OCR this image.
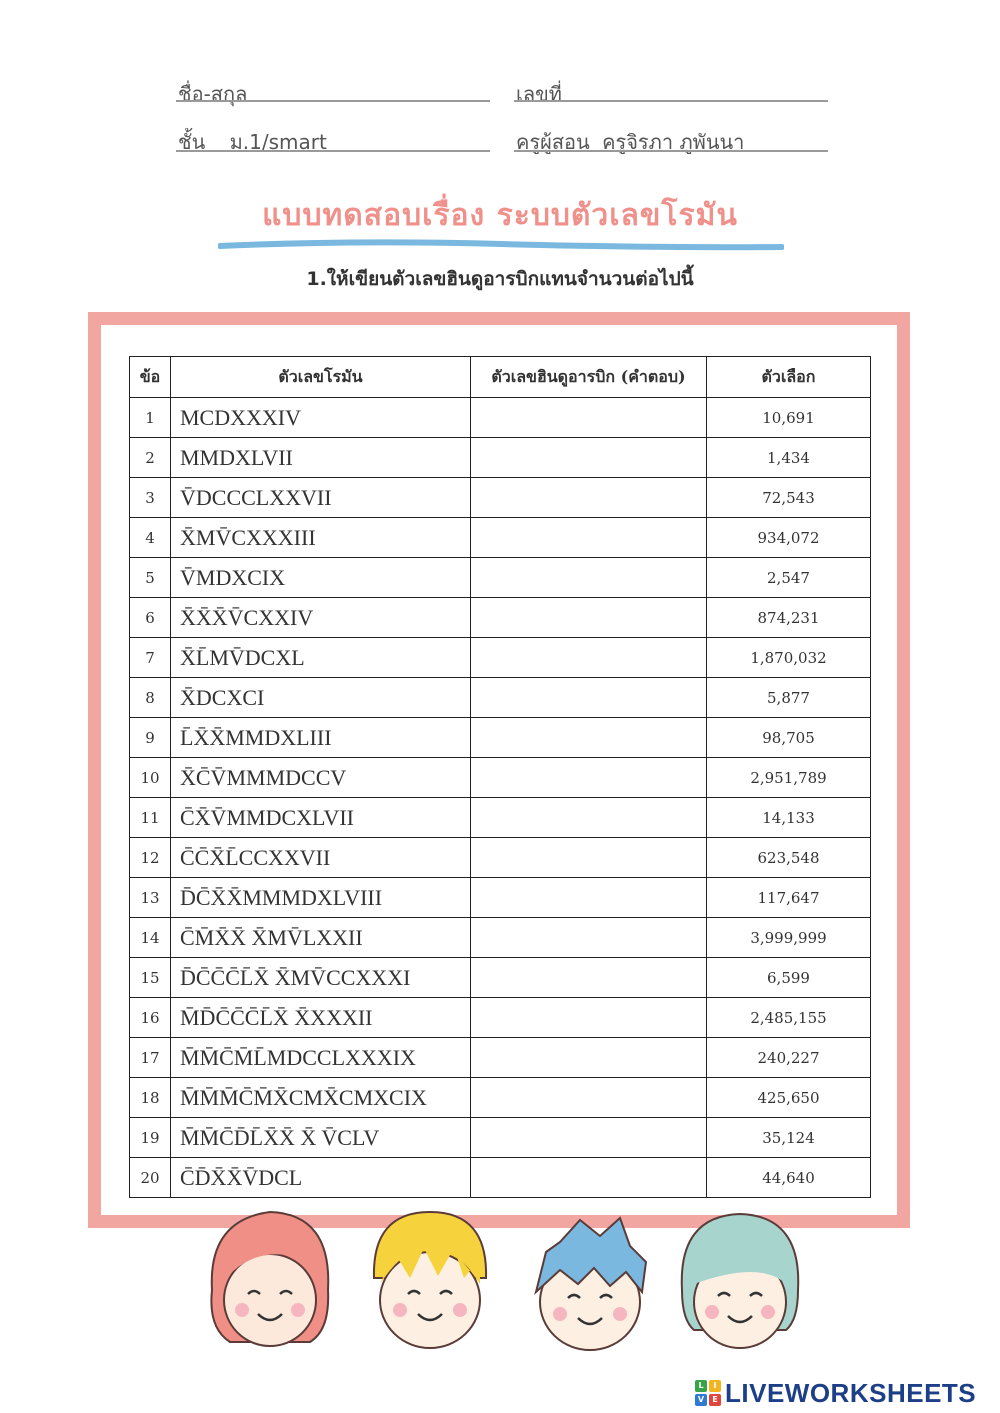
ชื่อ-สกุล	เลขที่
ชั้น ม.1/smart	ครูผู้สอน ครูจิรภา ภูพันนา
แบบทดสอบเรื่อง ระบบตัวเลขโรมัน
1.ให้เขียนตัวเลขฮินดูอารบิกแทนจำนวนต่อไปนี้
ข้อ	ตัวเลขโรมัน	ตัวเลขฮินดูอารบิก (คำตอบ)	ตัวเลือก
1	MCDXXXIV		10,691
2	MMDXLVII		1,434
3	V̄DCCCLXXVII		72,543
4	X̄MV̄CXXXIII		934,072
5	V̄MDXCIX		2,547
6	X̄X̄X̄V̄CXXIV		874,231
7	X̄L̄MV̄DCXL		1,870,032
8	X̄DCXCI		5,877
9	L̄X̄X̄MMDXLIII		98,705
10	X̄C̄V̄MMMDCCV		2,951,789
11	C̄X̄V̄MMDCXLVII		14,133
12	C̄C̄X̄L̄CCXXVII		623,548
13	D̄C̄X̄X̄MMMDXLVIII		117,647
14	C̄M̄X̄X̄ X̄MV̄LXXII		3,999,999
15	D̄C̄C̄C̄L̄X̄ X̄MV̄CCXXXI		6,599
16	M̄D̄C̄C̄C̄L̄X̄ X̄XXXII		2,485,155
17	M̄M̄C̄M̄L̄MDCCLXXXIX		240,227
18	M̄M̄M̄C̄M̄X̄CMX̄CMXCIX		425,650
19	M̄M̄C̄D̄L̄X̄X̄ X̄ V̄CLV		35,124
20	C̄D̄X̄X̄V̄DCL		44,640
L	I
V	E LIVEWORKSHEETS
